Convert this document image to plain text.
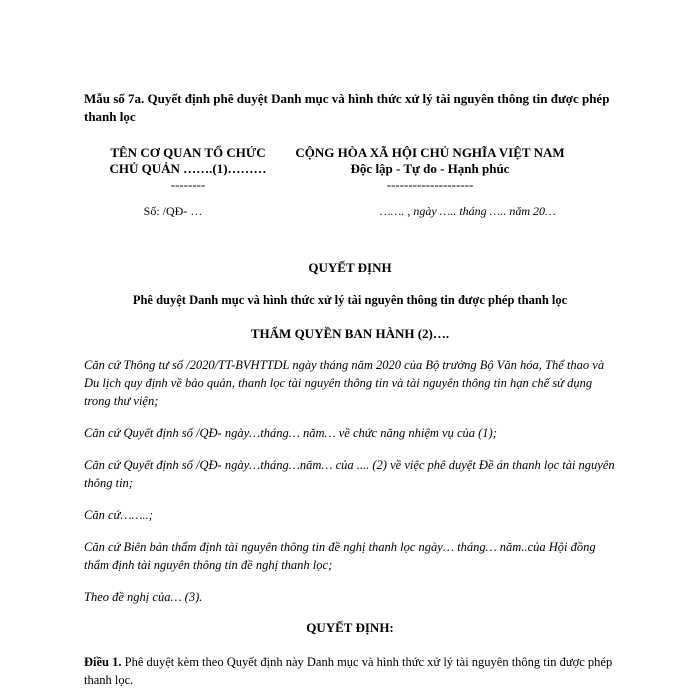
Mẫu số 7a. Quyết định phê duyệt Danh mục và hình thức xử lý tài nguyên thông tin được phép thanh lọc
TÊN CƠ QUAN TỔ CHỨC
CHỦ QUẢN …….(1)………
--------
CỘNG HÒA XÃ HỘI CHỦ NGHĨA VIỆT NAM
Độc lập - Tự do - Hạnh phúc
--------------------
Số: /QĐ- …	……. , ngày ….. tháng ….. năm 20…
QUYẾT ĐỊNH
Phê duyệt Danh mục và hình thức xử lý tài nguyên thông tin được phép thanh lọc
THẨM QUYỀN BAN HÀNH (2)….
Căn cứ Thông tư số /2020/TT-BVHTTDL ngày tháng năm 2020 của Bộ trưởng Bộ Văn hóa, Thể thao và Du lịch quy định về bảo quản, thanh lọc tài nguyên thông tin và tài nguyên thông tin hạn chế sử dụng trong thư viện;
Căn cứ Quyết định số /QĐ- ngày…tháng… năm… về chức năng nhiệm vụ của (1);
Căn cứ Quyết định số /QĐ- ngày…tháng…năm… của .... (2) về việc phê duyệt Đề án thanh lọc tài nguyên thông tin;
Căn cứ……..;
Căn cứ Biên bản thẩm định tài nguyên thông tin đề nghị thanh lọc ngày… tháng… năm..của Hội đồng thẩm định tài nguyên thông tin đề nghị thanh lọc;
Theo đề nghị của… (3).
QUYẾT ĐỊNH:
Điều 1. Phê duyệt kèm theo Quyết định này Danh mục và hình thức xử lý tài nguyên thông tin được phép thanh lọc.
